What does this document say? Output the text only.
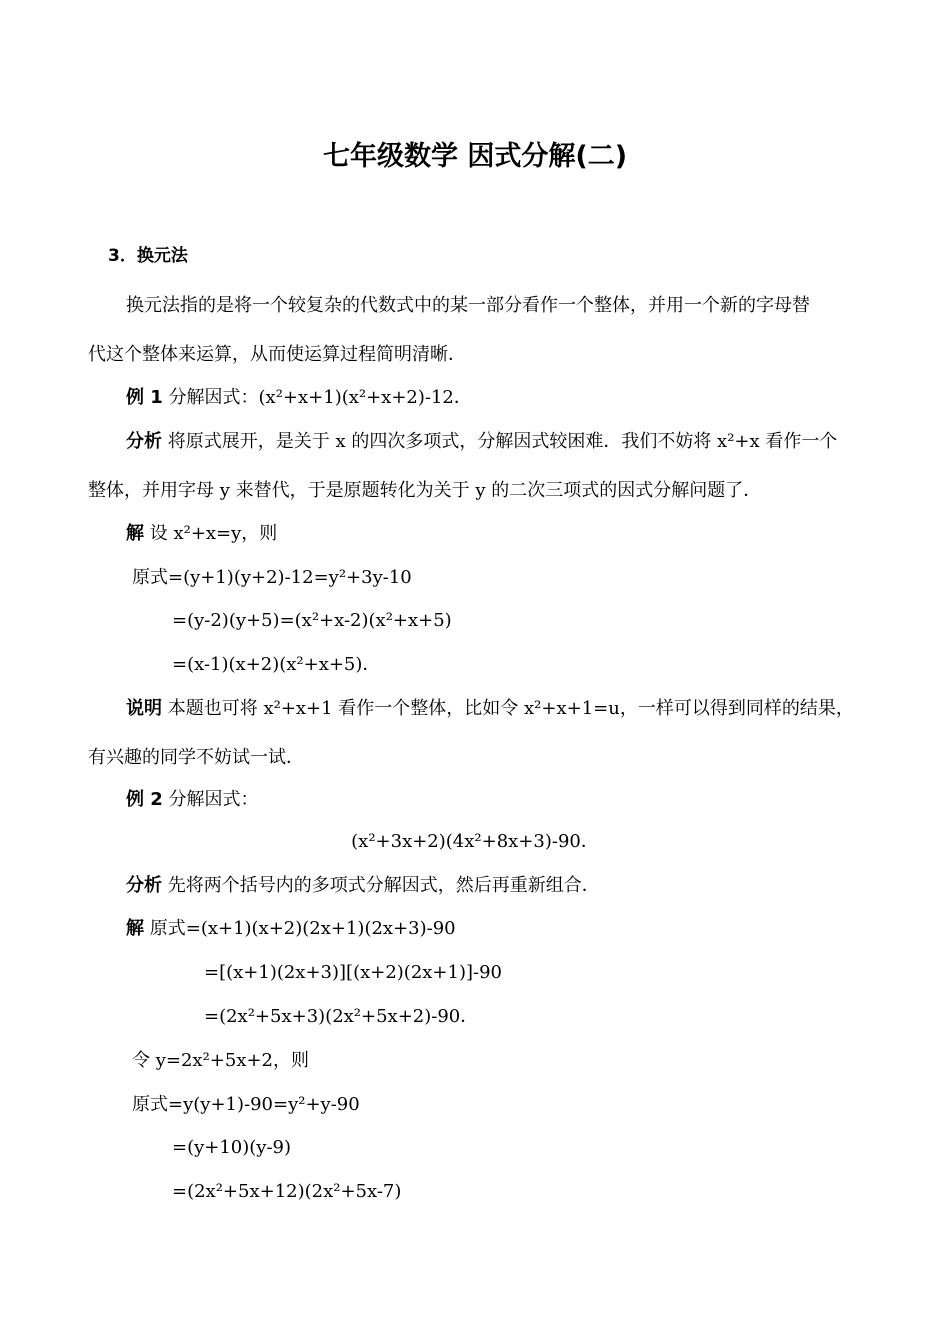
七年级数学 因式分解(二)
3．换元法
换元法指的是将一个较复杂的代数式中的某一部分看作一个整体，并用一个新的字母替
代这个整体来运算，从而使运算过程简明清晰．
例 1 分解因式：(x²+x+1)(x²+x+2)-12．
分析 将原式展开，是关于 x 的四次多项式，分解因式较困难．我们不妨将 x²+x 看作一个
整体，并用字母 y 来替代，于是原题转化为关于 y 的二次三项式的因式分解问题了．
解 设 x²+x=y，则
原式=(y+1)(y+2)-12=y²+3y-10
=(y-2)(y+5)=(x²+x-2)(x²+x+5)
=(x-1)(x+2)(x²+x+5)．
说明 本题也可将 x²+x+1 看作一个整体，比如令 x²+x+1=u，一样可以得到同样的结果，
有兴趣的同学不妨试一试．
例 2 分解因式：
(x²+3x+2)(4x²+8x+3)-90．
分析 先将两个括号内的多项式分解因式，然后再重新组合．
解 原式=(x+1)(x+2)(2x+1)(2x+3)-90
=[(x+1)(2x+3)][(x+2)(2x+1)]-90
=(2x²+5x+3)(2x²+5x+2)-90．
令 y=2x²+5x+2，则
原式=y(y+1)-90=y²+y-90
=(y+10)(y-9)
=(2x²+5x+12)(2x²+5x-7)
